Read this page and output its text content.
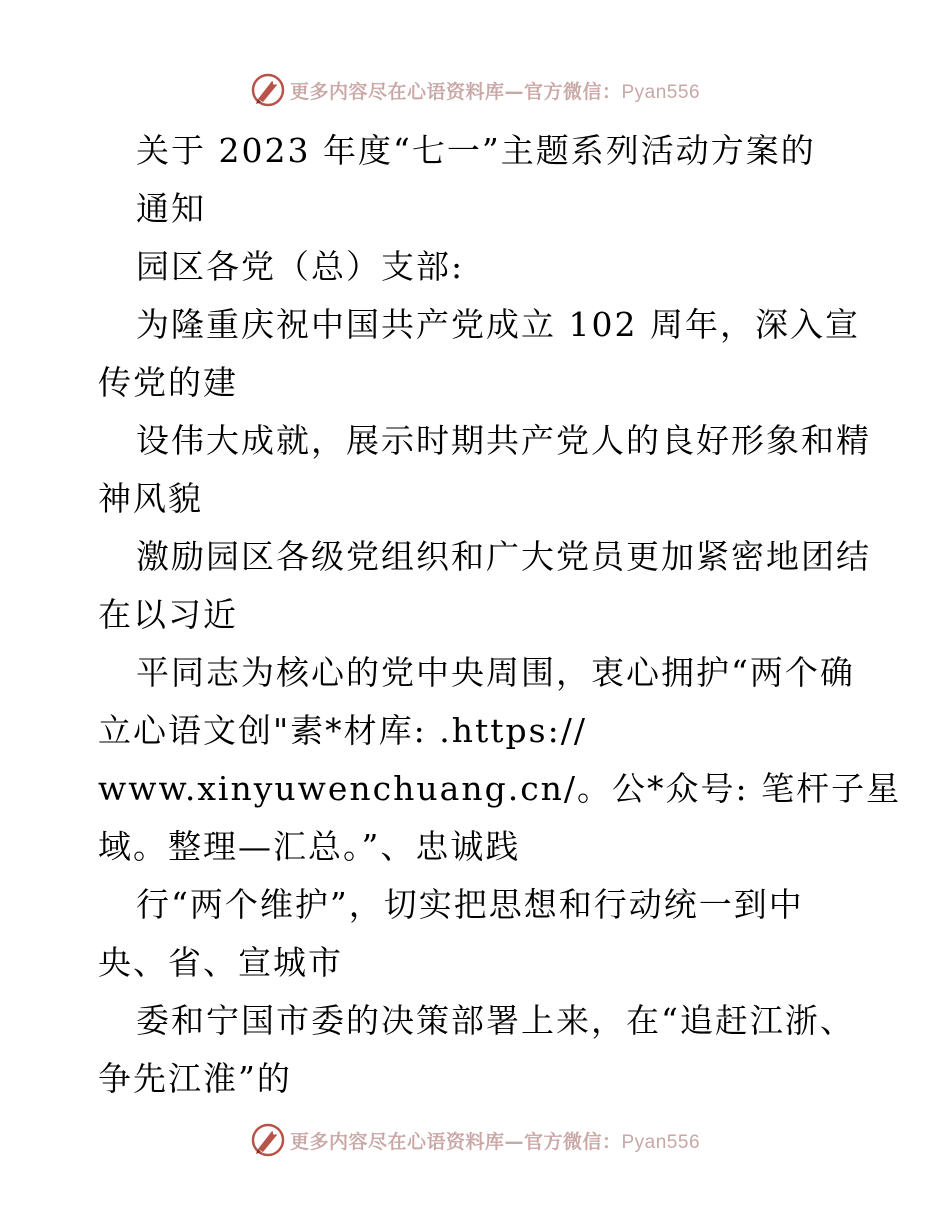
更多内容尽在心语资料库—官方微信：Pyan556
关于 2023 年度“七一”主题系列活动方案的
通知
园区各党（总）支部:
为隆重庆祝中国共产党成立 102 周年，深入宣
传党的建
设伟大成就，展示时期共产党人的良好形象和精
神风貌
激励园区各级党组织和广大党员更加紧密地团结
在以习近
平同志为核心的党中央周围，衷心拥护“两个确
立心语文创"素*材库: .https://
www.xinyuwenchuang.cn/。公*众号: 笔杆子星
域。整理—汇总。”、忠诚践
行“两个维护”，切实把思想和行动统一到中
央、省、宣城市
委和宁国市委的决策部署上来，在“追赶江浙、
争先江淮”的
更多内容尽在心语资料库—官方微信：Pyan556
